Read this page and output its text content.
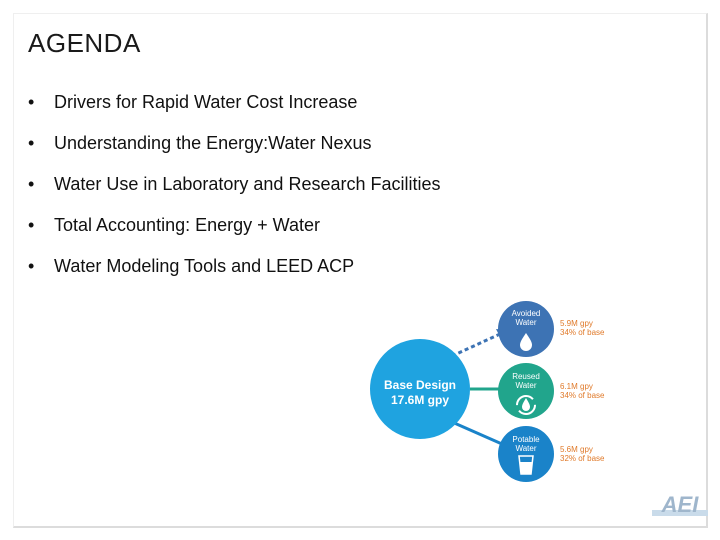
AGENDA
•	Drivers for Rapid Water Cost Increase
•	Understanding the Energy:Water Nexus
•	Water Use in Laboratory and Research Facilities
•	Total Accounting: Energy + Water
•	Water Modeling Tools and LEED ACP
Base Design
17.6M gpy
Avoided
Water	5.9M gpy
34% of base
Reused
Water	6.1M gpy
34% of base
Potable
Water	5.6M gpy
32% of base
AEI
